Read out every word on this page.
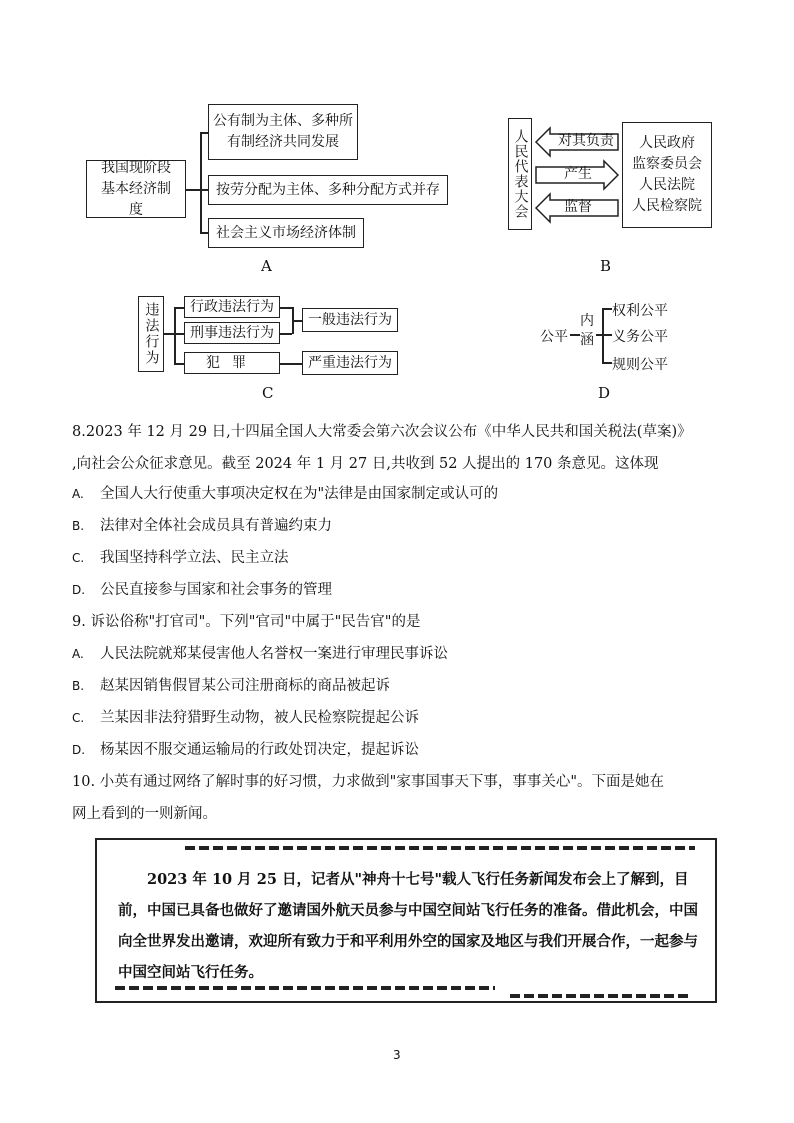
我国现阶段基本经济制度
公有制为主体、多种所有制经济共同发展
按劳分配为主体、多种分配方式并存
社会主义市场经济体制
A
人民代表大会 对其负责
产生
监督
人民政府
监察委员会
人民法院
人民检察院
B
违法行为 行政违法行为
刑事违法行为
犯罪
一般违法行为
严重违法行为
C
公平
内涵
权利公平
义务公平
规则公平
D
8.2023 年 12 月 29 日,十四届全国人大常委会第六次会议公布《中华人民共和国关税法(草案)》
,向社会公众征求意见。截至 2024 年 1 月 27 日,共收到 52 人提出的 170 条意见。这体现
A. 全国人大行使重大事项决定权在为"法律是由国家制定或认可的
B. 法律对全体社会成员具有普遍约束力
C. 我国坚持科学立法、民主立法
D. 公民直接参与国家和社会事务的管理
9. 诉讼俗称"打官司"。下列"官司"中属于"民告官"的是
A. 人民法院就郑某侵害他人名誉权一案进行审理民事诉讼
B. 赵某因销售假冒某公司注册商标的商品被起诉
C. 兰某因非法狩猎野生动物，被人民检察院提起公诉
D. 杨某因不服交通运输局的行政处罚决定，提起诉讼
10. 小英有通过网络了解时事的好习惯，力求做到"家事国事天下事，事事关心"。下面是她在
网上看到的一则新闻。
2023 年 10 月 25 日，记者从"神舟十七号"载人飞行任务新闻发布会上了解到，目前，中国已具备也做好了邀请国外航天员参与中国空间站飞行任务的准备。借此机会，中国向全世界发出邀请，欢迎所有致力于和平利用外空的国家及地区与我们开展合作，一起参与中国空间站飞行任务。
3
